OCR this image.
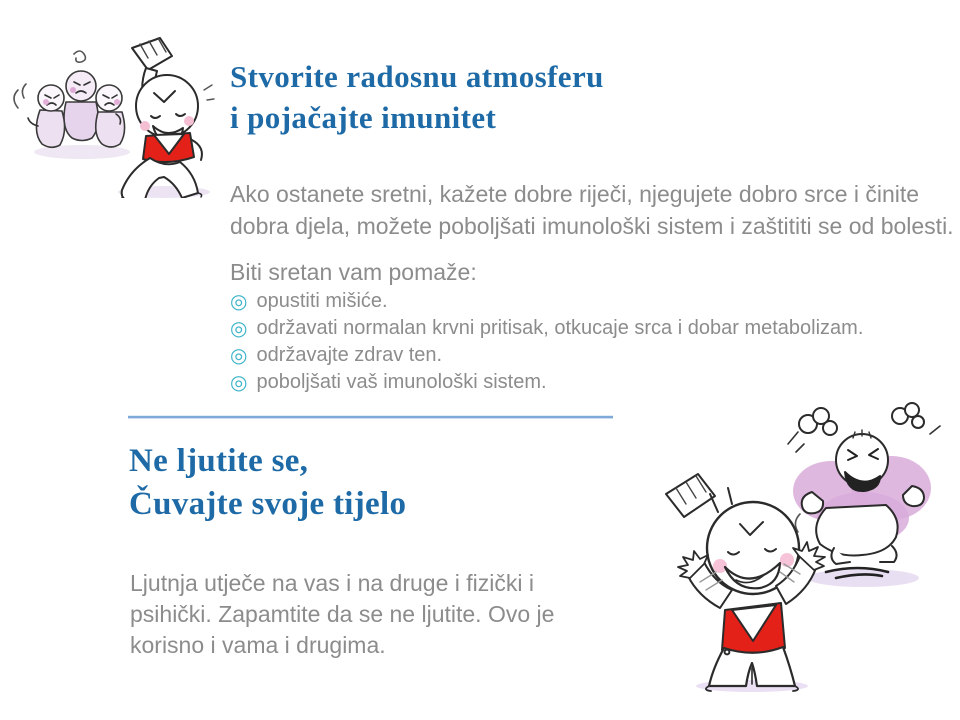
Stvorite radosnu atmosferu
i pojačajte imunitet

Ako ostanete sretni, kažete dobre riječi, njegujete dobro srce i činite dobra djela, možete poboljšati imunološki sistem i zaštititi se od bolesti.

Biti sretan vam pomaže:
◎ opustiti mišiće.
◎ održavati normalan krvni pritisak, otkucaje srca i dobar metabolizam.
◎ održavajte zdrav ten.
◎ poboljšati vaš imunološki sistem.
Ne ljutite se,
Čuvajte svoje tijelo

Ljutnja utječe na vas i na druge i fizički i psihički. Zapamtite da se ne ljutite. Ovo je korisno i vama i drugima.
